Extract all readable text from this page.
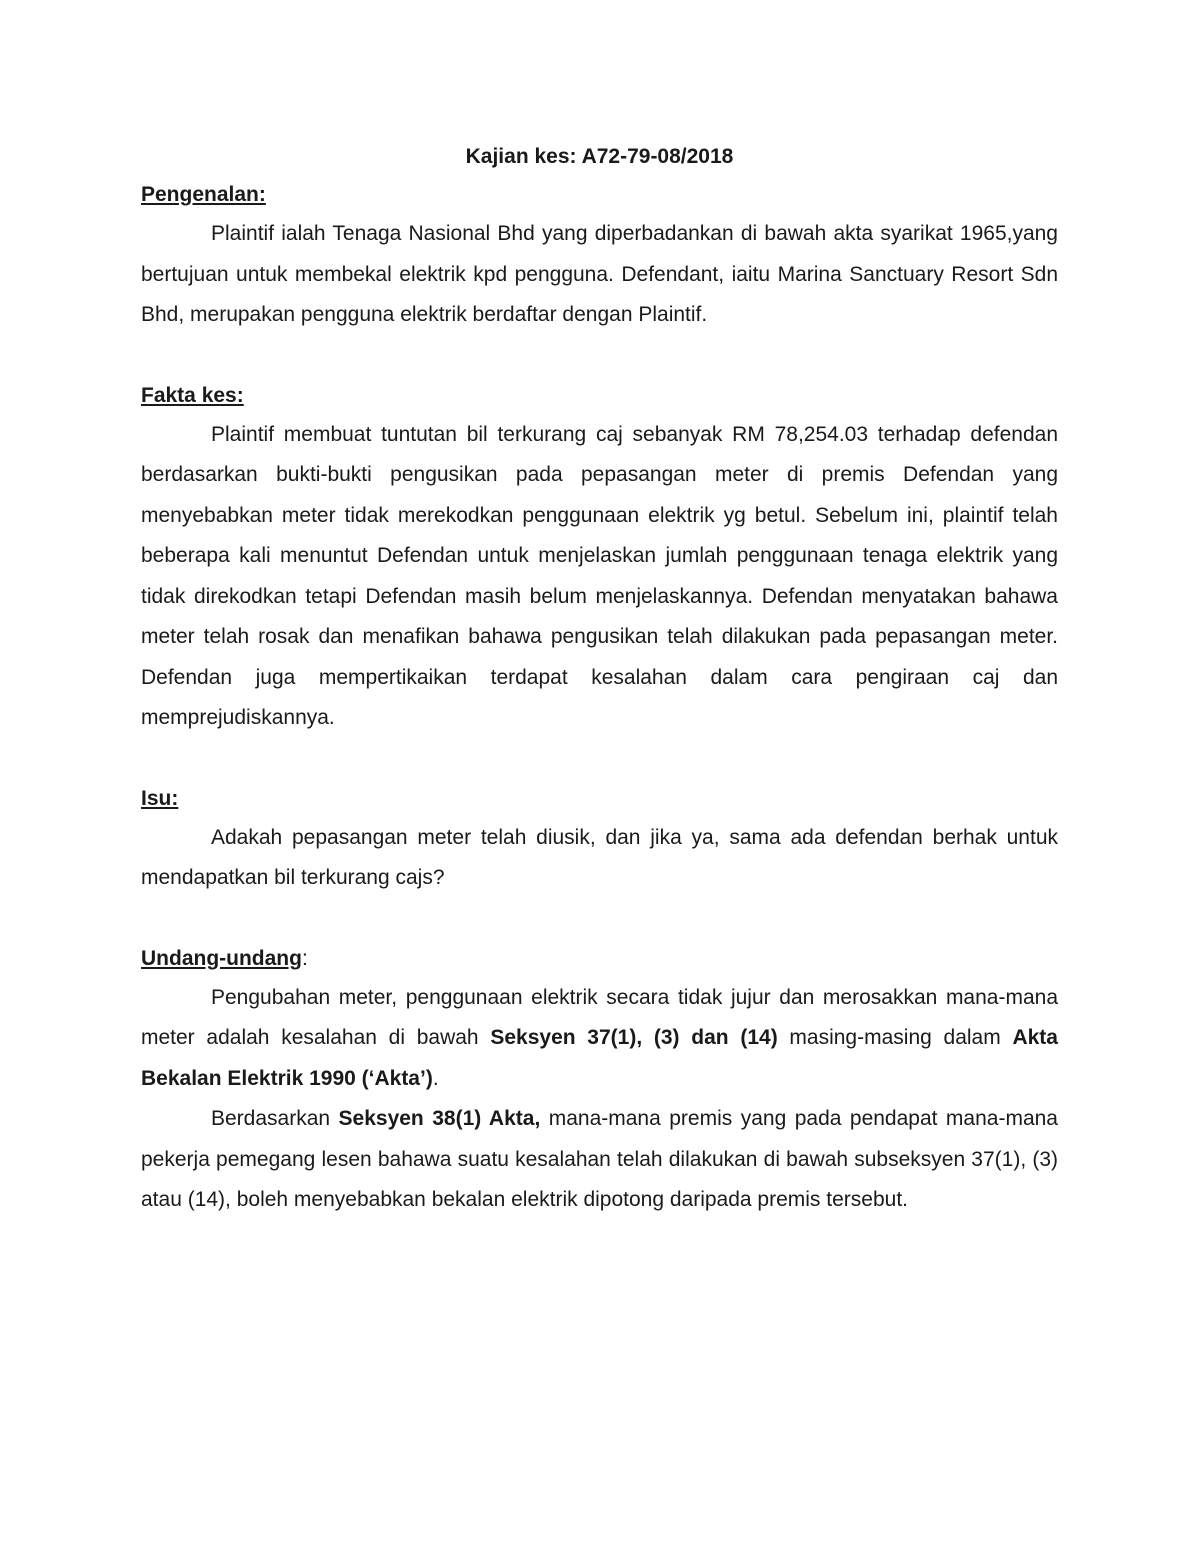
Kajian kes: A72-79-08/2018

Pengenalan:

Plaintif ialah Tenaga Nasional Bhd yang diperbadankan di bawah akta syarikat 1965,yang bertujuan untuk membekal elektrik kpd pengguna. Defendant, iaitu Marina Sanctuary Resort Sdn Bhd, merupakan pengguna elektrik berdaftar dengan Plaintif.

Fakta kes:

Plaintif membuat tuntutan bil terkurang caj sebanyak RM 78,254.03 terhadap defendan berdasarkan bukti-bukti pengusikan pada pepasangan meter di premis Defendan yang menyebabkan meter tidak merekodkan penggunaan elektrik yg betul. Sebelum ini, plaintif telah beberapa kali menuntut Defendan untuk menjelaskan jumlah penggunaan tenaga elektrik yang tidak direkodkan tetapi Defendan masih belum menjelaskannya. Defendan menyatakan bahawa meter telah rosak dan menafikan bahawa pengusikan telah dilakukan pada pepasangan meter. Defendan juga mempertikaikan terdapat kesalahan dalam cara pengiraan caj dan memprejudiskannya.

Isu:

Adakah pepasangan meter telah diusik, dan jika ya, sama ada defendan berhak untuk mendapatkan bil terkurang cajs?

Undang-undang:

Pengubahan meter, penggunaan elektrik secara tidak jujur dan merosakkan mana-mana meter adalah kesalahan di bawah Seksyen 37(1), (3) dan (14) masing-masing dalam Akta Bekalan Elektrik 1990 (‘Akta’).

Berdasarkan Seksyen 38(1) Akta, mana-mana premis yang pada pendapat mana-mana pekerja pemegang lesen bahawa suatu kesalahan telah dilakukan di bawah subseksyen 37(1), (3) atau (14), boleh menyebabkan bekalan elektrik dipotong daripada premis tersebut.
